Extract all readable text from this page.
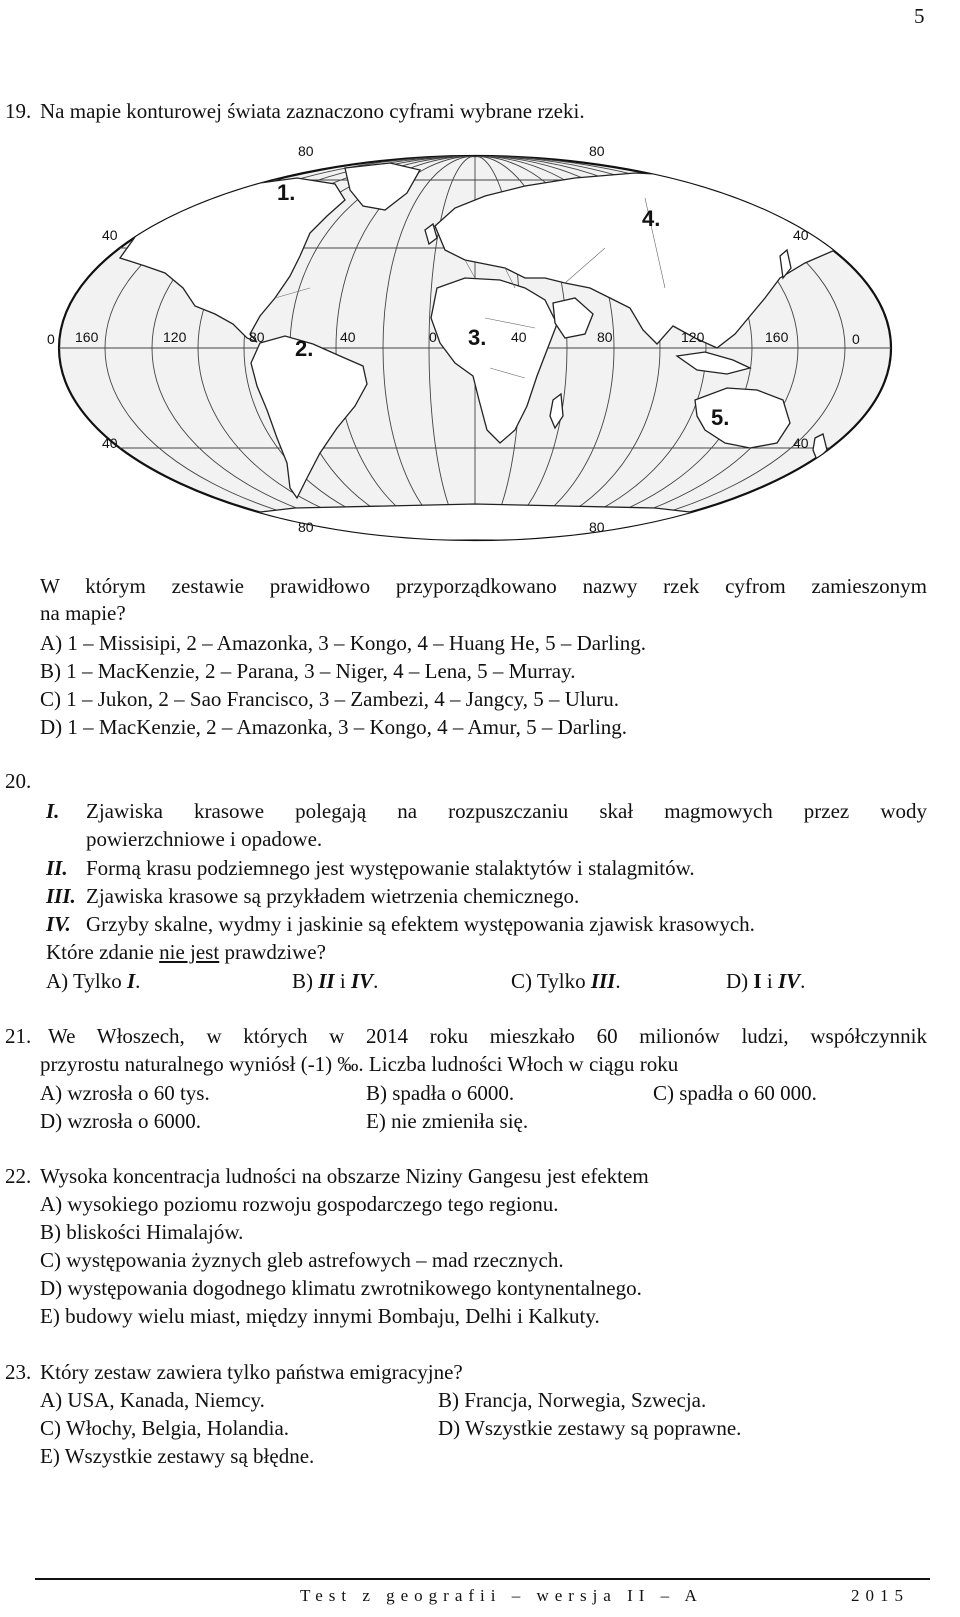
5
19. Na mapie konturowej świata zaznaczono cyframi wybrane rzeki.
80	80
40	40
0	0
40	40
80	80
160	120	80	40	0	40	80	120	160
1.
2.	3.
4.
5.
W którym zestawie prawidłowo przyporządkowano nazwy rzek cyfrom zamieszonym
na mapie?
A) 1 – Missisipi, 2 – Amazonka, 3 – Kongo, 4 – Huang He, 5 – Darling.
B) 1 – MacKenzie, 2 – Parana, 3 – Niger, 4 – Lena, 5 – Murray.
C) 1 – Jukon, 2 – Sao Francisco, 3 – Zambezi, 4 – Jangcy, 5 – Uluru.
D) 1 – MacKenzie, 2 – Amazonka, 3 – Kongo, 4 – Amur, 5 – Darling.
20.
I. Zjawiska krasowe polegają na rozpuszczaniu skał magmowych przez wody
powierzchniowe i opadowe.
II. Formą krasu podziemnego jest występowanie stalaktytów i stalagmitów.
III. Zjawiska krasowe są przykładem wietrzenia chemicznego.
IV. Grzyby skalne, wydmy i jaskinie są efektem występowania zjawisk krasowych.
Które zdanie nie jest prawdziwe?
A) Tylko I.	B) II i IV.	C) Tylko III.	D) I i IV.
21. We Włoszech, w których w 2014 roku mieszkało 60 milionów ludzi, współczynnik
przyrostu naturalnego wyniósł (-1) ‰. Liczba ludności Włoch w ciągu roku
A) wzrosła o 60 tys.	B) spadła o 6000.	C) spadła o 60 000.
D) wzrosła o 6000.	E) nie zmieniła się.
22. Wysoka koncentracja ludności na obszarze Niziny Gangesu jest efektem
A) wysokiego poziomu rozwoju gospodarczego tego regionu.
B) bliskości Himalajów.
C) występowania żyznych gleb astrefowych – mad rzecznych.
D) występowania dogodnego klimatu zwrotnikowego kontynentalnego.
E) budowy wielu miast, między innymi Bombaju, Delhi i Kalkuty.
23. Który zestaw zawiera tylko państwa emigracyjne?
A) USA, Kanada, Niemcy.	B) Francja, Norwegia, Szwecja.
C) Włochy, Belgia, Holandia.	D) Wszystkie zestawy są poprawne.
E) Wszystkie zestawy są błędne.
Test z geografii – wersja II – A	2015
